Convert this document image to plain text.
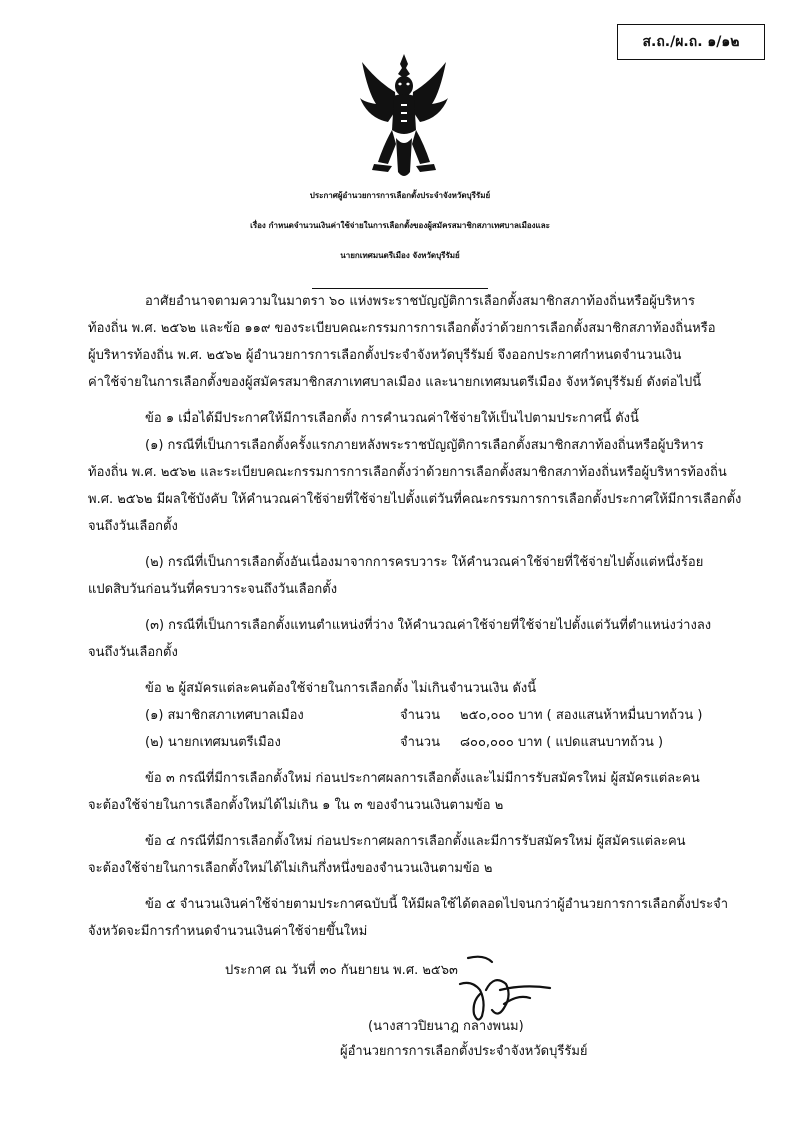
ส.ถ./ผ.ถ. ๑/๑๒
ประกาศผู้อำนวยการการเลือกตั้งประจำจังหวัดบุรีรัมย์
เรื่อง กำหนดจำนวนเงินค่าใช้จ่ายในการเลือกตั้งของผู้สมัครสมาชิกสภาเทศบาลเมืองและ
นายกเทศมนตรีเมือง จังหวัดบุรีรัมย์
อาศัยอำนาจตามความในมาตรา ๖๐ แห่งพระราชบัญญัติการเลือกตั้งสมาชิกสภาท้องถิ่นหรือผู้บริหาร
ท้องถิ่น พ.ศ. ๒๕๖๒ และข้อ ๑๑๙ ของระเบียบคณะกรรมการการเลือกตั้งว่าด้วยการเลือกตั้งสมาชิกสภาท้องถิ่นหรือ
ผู้บริหารท้องถิ่น พ.ศ. ๒๕๖๒ ผู้อำนวยการการเลือกตั้งประจำจังหวัดบุรีรัมย์ จึงออกประกาศกำหนดจำนวนเงิน
ค่าใช้จ่ายในการเลือกตั้งของผู้สมัครสมาชิกสภาเทศบาลเมือง และนายกเทศมนตรีเมือง จังหวัดบุรีรัมย์ ดังต่อไปนี้
ข้อ ๑ เมื่อได้มีประกาศให้มีการเลือกตั้ง การคำนวณค่าใช้จ่ายให้เป็นไปตามประกาศนี้ ดังนี้
(๑) กรณีที่เป็นการเลือกตั้งครั้งแรกภายหลังพระราชบัญญัติการเลือกตั้งสมาชิกสภาท้องถิ่นหรือผู้บริหาร
ท้องถิ่น พ.ศ. ๒๕๖๒ และระเบียบคณะกรรมการการเลือกตั้งว่าด้วยการเลือกตั้งสมาชิกสภาท้องถิ่นหรือผู้บริหารท้องถิ่น
พ.ศ. ๒๕๖๒ มีผลใช้บังคับ ให้คำนวณค่าใช้จ่ายที่ใช้จ่ายไปตั้งแต่วันที่คณะกรรมการการเลือกตั้งประกาศให้มีการเลือกตั้ง
จนถึงวันเลือกตั้ง
(๒) กรณีที่เป็นการเลือกตั้งอันเนื่องมาจากการครบวาระ ให้คำนวณค่าใช้จ่ายที่ใช้จ่ายไปตั้งแต่หนึ่งร้อย
แปดสิบวันก่อนวันที่ครบวาระจนถึงวันเลือกตั้ง
(๓) กรณีที่เป็นการเลือกตั้งแทนตำแหน่งที่ว่าง ให้คำนวณค่าใช้จ่ายที่ใช้จ่ายไปตั้งแต่วันที่ตำแหน่งว่างลง
จนถึงวันเลือกตั้ง
ข้อ ๒ ผู้สมัครแต่ละคนต้องใช้จ่ายในการเลือกตั้ง ไม่เกินจำนวนเงิน ดังนี้
(๑) สมาชิกสภาเทศบาลเมือง	จำนวน ๒๕๐,๐๐๐ บาท ( สองแสนห้าหมื่นบาทถ้วน )
(๒) นายกเทศมนตรีเมือง	จำนวน ๘๐๐,๐๐๐ บาท ( แปดแสนบาทถ้วน )
ข้อ ๓ กรณีที่มีการเลือกตั้งใหม่ ก่อนประกาศผลการเลือกตั้งและไม่มีการรับสมัครใหม่ ผู้สมัครแต่ละคน
จะต้องใช้จ่ายในการเลือกตั้งใหม่ได้ไม่เกิน ๑ ใน ๓ ของจำนวนเงินตามข้อ ๒
ข้อ ๔ กรณีที่มีการเลือกตั้งใหม่ ก่อนประกาศผลการเลือกตั้งและมีการรับสมัครใหม่ ผู้สมัครแต่ละคน
จะต้องใช้จ่ายในการเลือกตั้งใหม่ได้ไม่เกินกึ่งหนึ่งของจำนวนเงินตามข้อ ๒
ข้อ ๕ จำนวนเงินค่าใช้จ่ายตามประกาศฉบับนี้ ให้มีผลใช้ได้ตลอดไปจนกว่าผู้อำนวยการการเลือกตั้งประจำ
จังหวัดจะมีการกำหนดจำนวนเงินค่าใช้จ่ายขึ้นใหม่
ประกาศ ณ วันที่ ๓๐ กันยายน พ.ศ. ๒๕๖๓
(นางสาวปิยนาฎ กลางพนม)
ผู้อำนวยการการเลือกตั้งประจำจังหวัดบุรีรัมย์
